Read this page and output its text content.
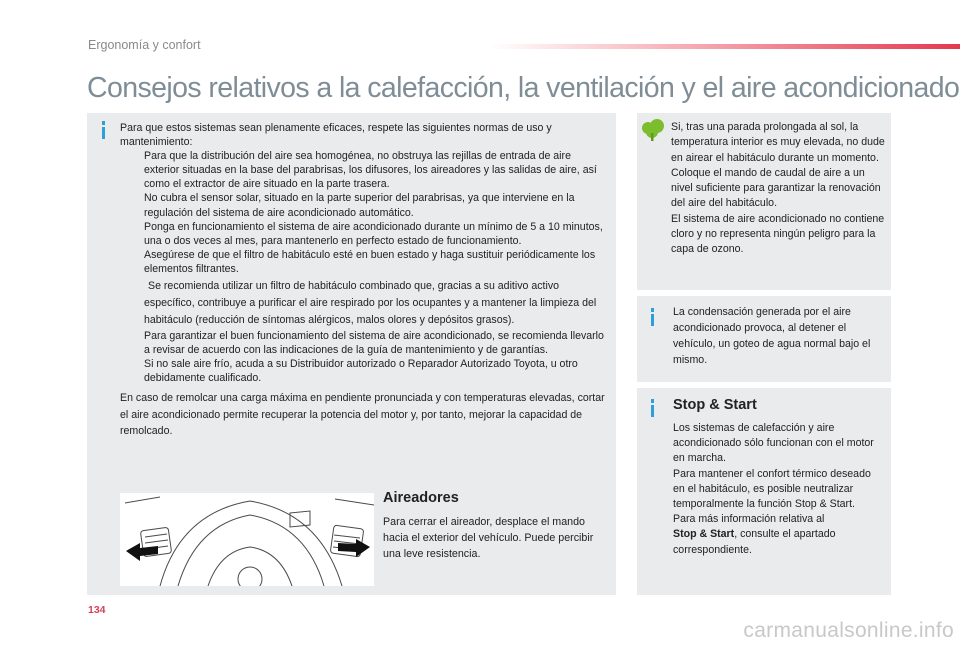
Ergonomía y confort
Consejos relativos a la calefacción, la ventilación y el aire acondicionado
Para que estos sistemas sean plenamente eficaces, respete las siguientes normas de uso y mantenimiento:
Para que la distribución del aire sea homogénea, no obstruya las rejillas de entrada de aire exterior situadas en la base del parabrisas, los difusores, los aireadores y las salidas de aire, así como el extractor de aire situado en la parte trasera.
No cubra el sensor solar, situado en la parte superior del parabrisas, ya que interviene en la regulación del sistema de aire acondicionado automático.
Ponga en funcionamiento el sistema de aire acondicionado durante un mínimo de 5 a 10 minutos, una o dos veces al mes, para mantenerlo en perfecto estado de funcionamiento.
Asegúrese de que el filtro de habitáculo esté en buen estado y haga sustituir periódicamente los elementos filtrantes.
Se recomienda utilizar un filtro de habitáculo combinado que, gracias a su aditivo activo específico, contribuye a purificar el aire respirado por los ocupantes y a mantener la limpieza del habitáculo (reducción de síntomas alérgicos, malos olores y depósitos grasos).
Para garantizar el buen funcionamiento del sistema de aire acondicionado, se recomienda llevarlo a revisar de acuerdo con las indicaciones de la guía de mantenimiento y de garantías.
Si no sale aire frío, acuda a su Distribuidor autorizado o Reparador Autorizado Toyota, u otro debidamente cualificado.
En caso de remolcar una carga máxima en pendiente pronunciada y con temperaturas elevadas, cortar el aire acondicionado permite recuperar la potencia del motor y, por tanto, mejorar la capacidad de remolcado.
Aireadores
Para cerrar el aireador, desplace el mando hacia el exterior del vehículo. Puede percibir una leve resistencia.
Si, tras una parada prolongada al sol, la temperatura interior es muy elevada, no dude en airear el habitáculo durante un momento.
Coloque el mando de caudal de aire a un nivel suficiente para garantizar la renovación del aire del habitáculo.
El sistema de aire acondicionado no contiene cloro y no representa ningún peligro para la capa de ozono.
La condensación generada por el aire acondicionado provoca, al detener el vehículo, un goteo de agua normal bajo el mismo.
Stop & Start
Los sistemas de calefacción y aire acondicionado sólo funcionan con el motor en marcha.
Para mantener el confort térmico deseado en el habitáculo, es posible neutralizar temporalmente la función Stop & Start.
Para más información relativa al
Stop & Start, consulte el apartado correspondiente.
134
carmanualsonline.info
